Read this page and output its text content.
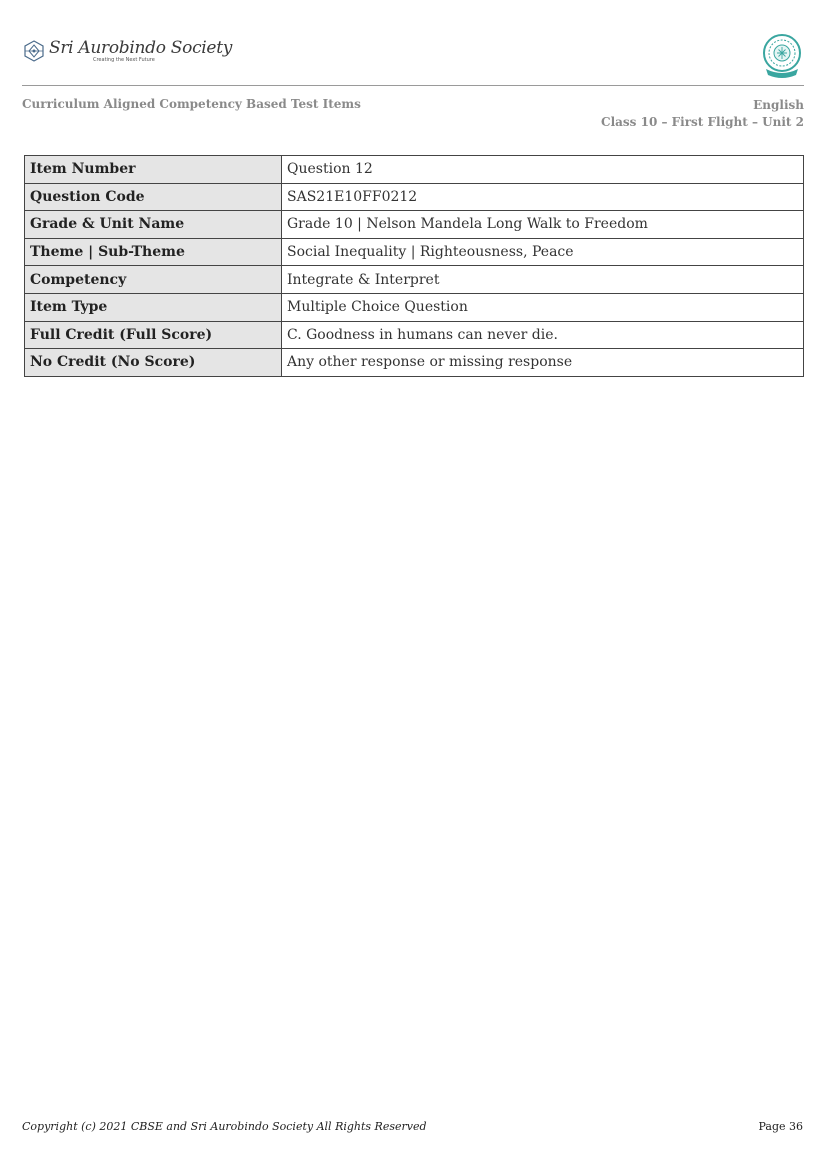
Sri Aurobindo Society
Creating the Next Future
Curriculum Aligned Competency Based Test Items	English
Class 10 – First Flight – Unit 2
Item Number	Question 12
Question Code	SAS21E10FF0212
Grade & Unit Name	Grade 10 | Nelson Mandela Long Walk to Freedom
Theme | Sub-Theme	Social Inequality | Righteousness, Peace
Competency	Integrate & Interpret
Item Type	Multiple Choice Question
Full Credit (Full Score)	C. Goodness in humans can never die.
No Credit (No Score)	Any other response or missing response
Copyright (c) 2021 CBSE and Sri Aurobindo Society All Rights Reserved	Page 36
